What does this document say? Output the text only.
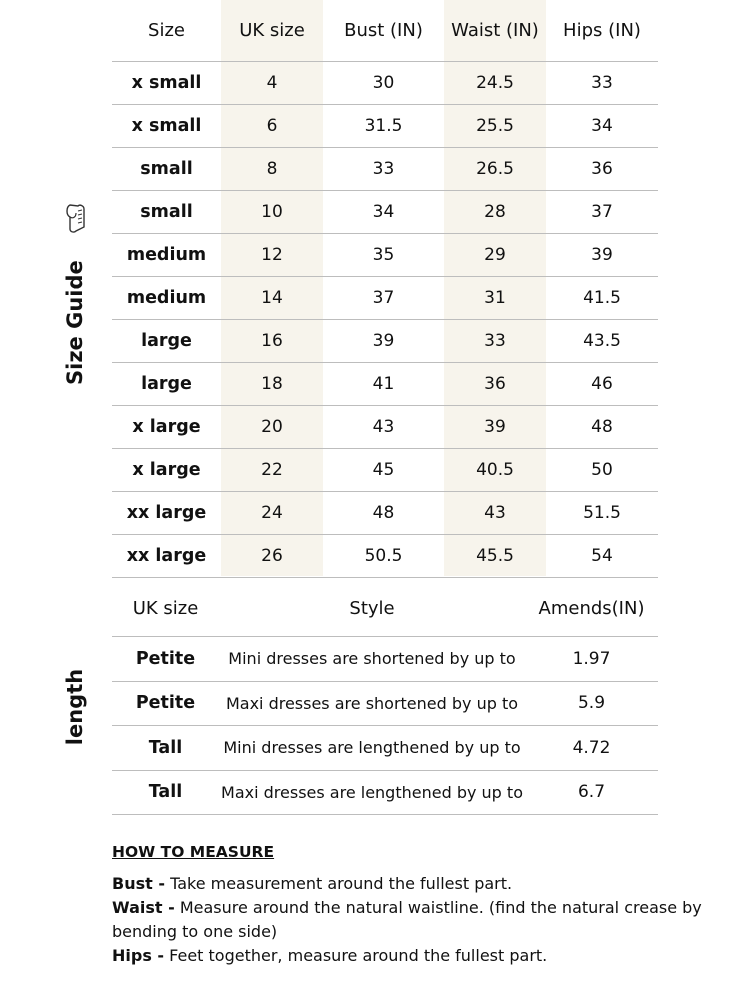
Size Guide
length
Size	UK size	Bust (IN)	Waist (IN)	Hips (IN)
x small	4	30	24.5	33
x small	6	31.5	25.5	34
small	8	33	26.5	36
small	10	34	28	37
medium	12	35	29	39
medium	14	37	31	41.5
large	16	39	33	43.5
large	18	41	36	46
x large	20	43	39	48
x large	22	45	40.5	50
xx large	24	48	43	51.5
xx large	26	50.5	45.5	54
UK size	Style	Amends(IN)
Petite	Mini dresses are shortened by up to	1.97
Petite	Maxi dresses are shortened by up to	5.9
Tall	Mini dresses are lengthened by up to	4.72
Tall	Maxi dresses are lengthened by up to	6.7
HOW TO MEASURE
Bust - Take measurement around the fullest part.
Waist - Measure around the natural waistline. (find the natural crease by bending to one side)
Hips - Feet together, measure around the fullest part.
